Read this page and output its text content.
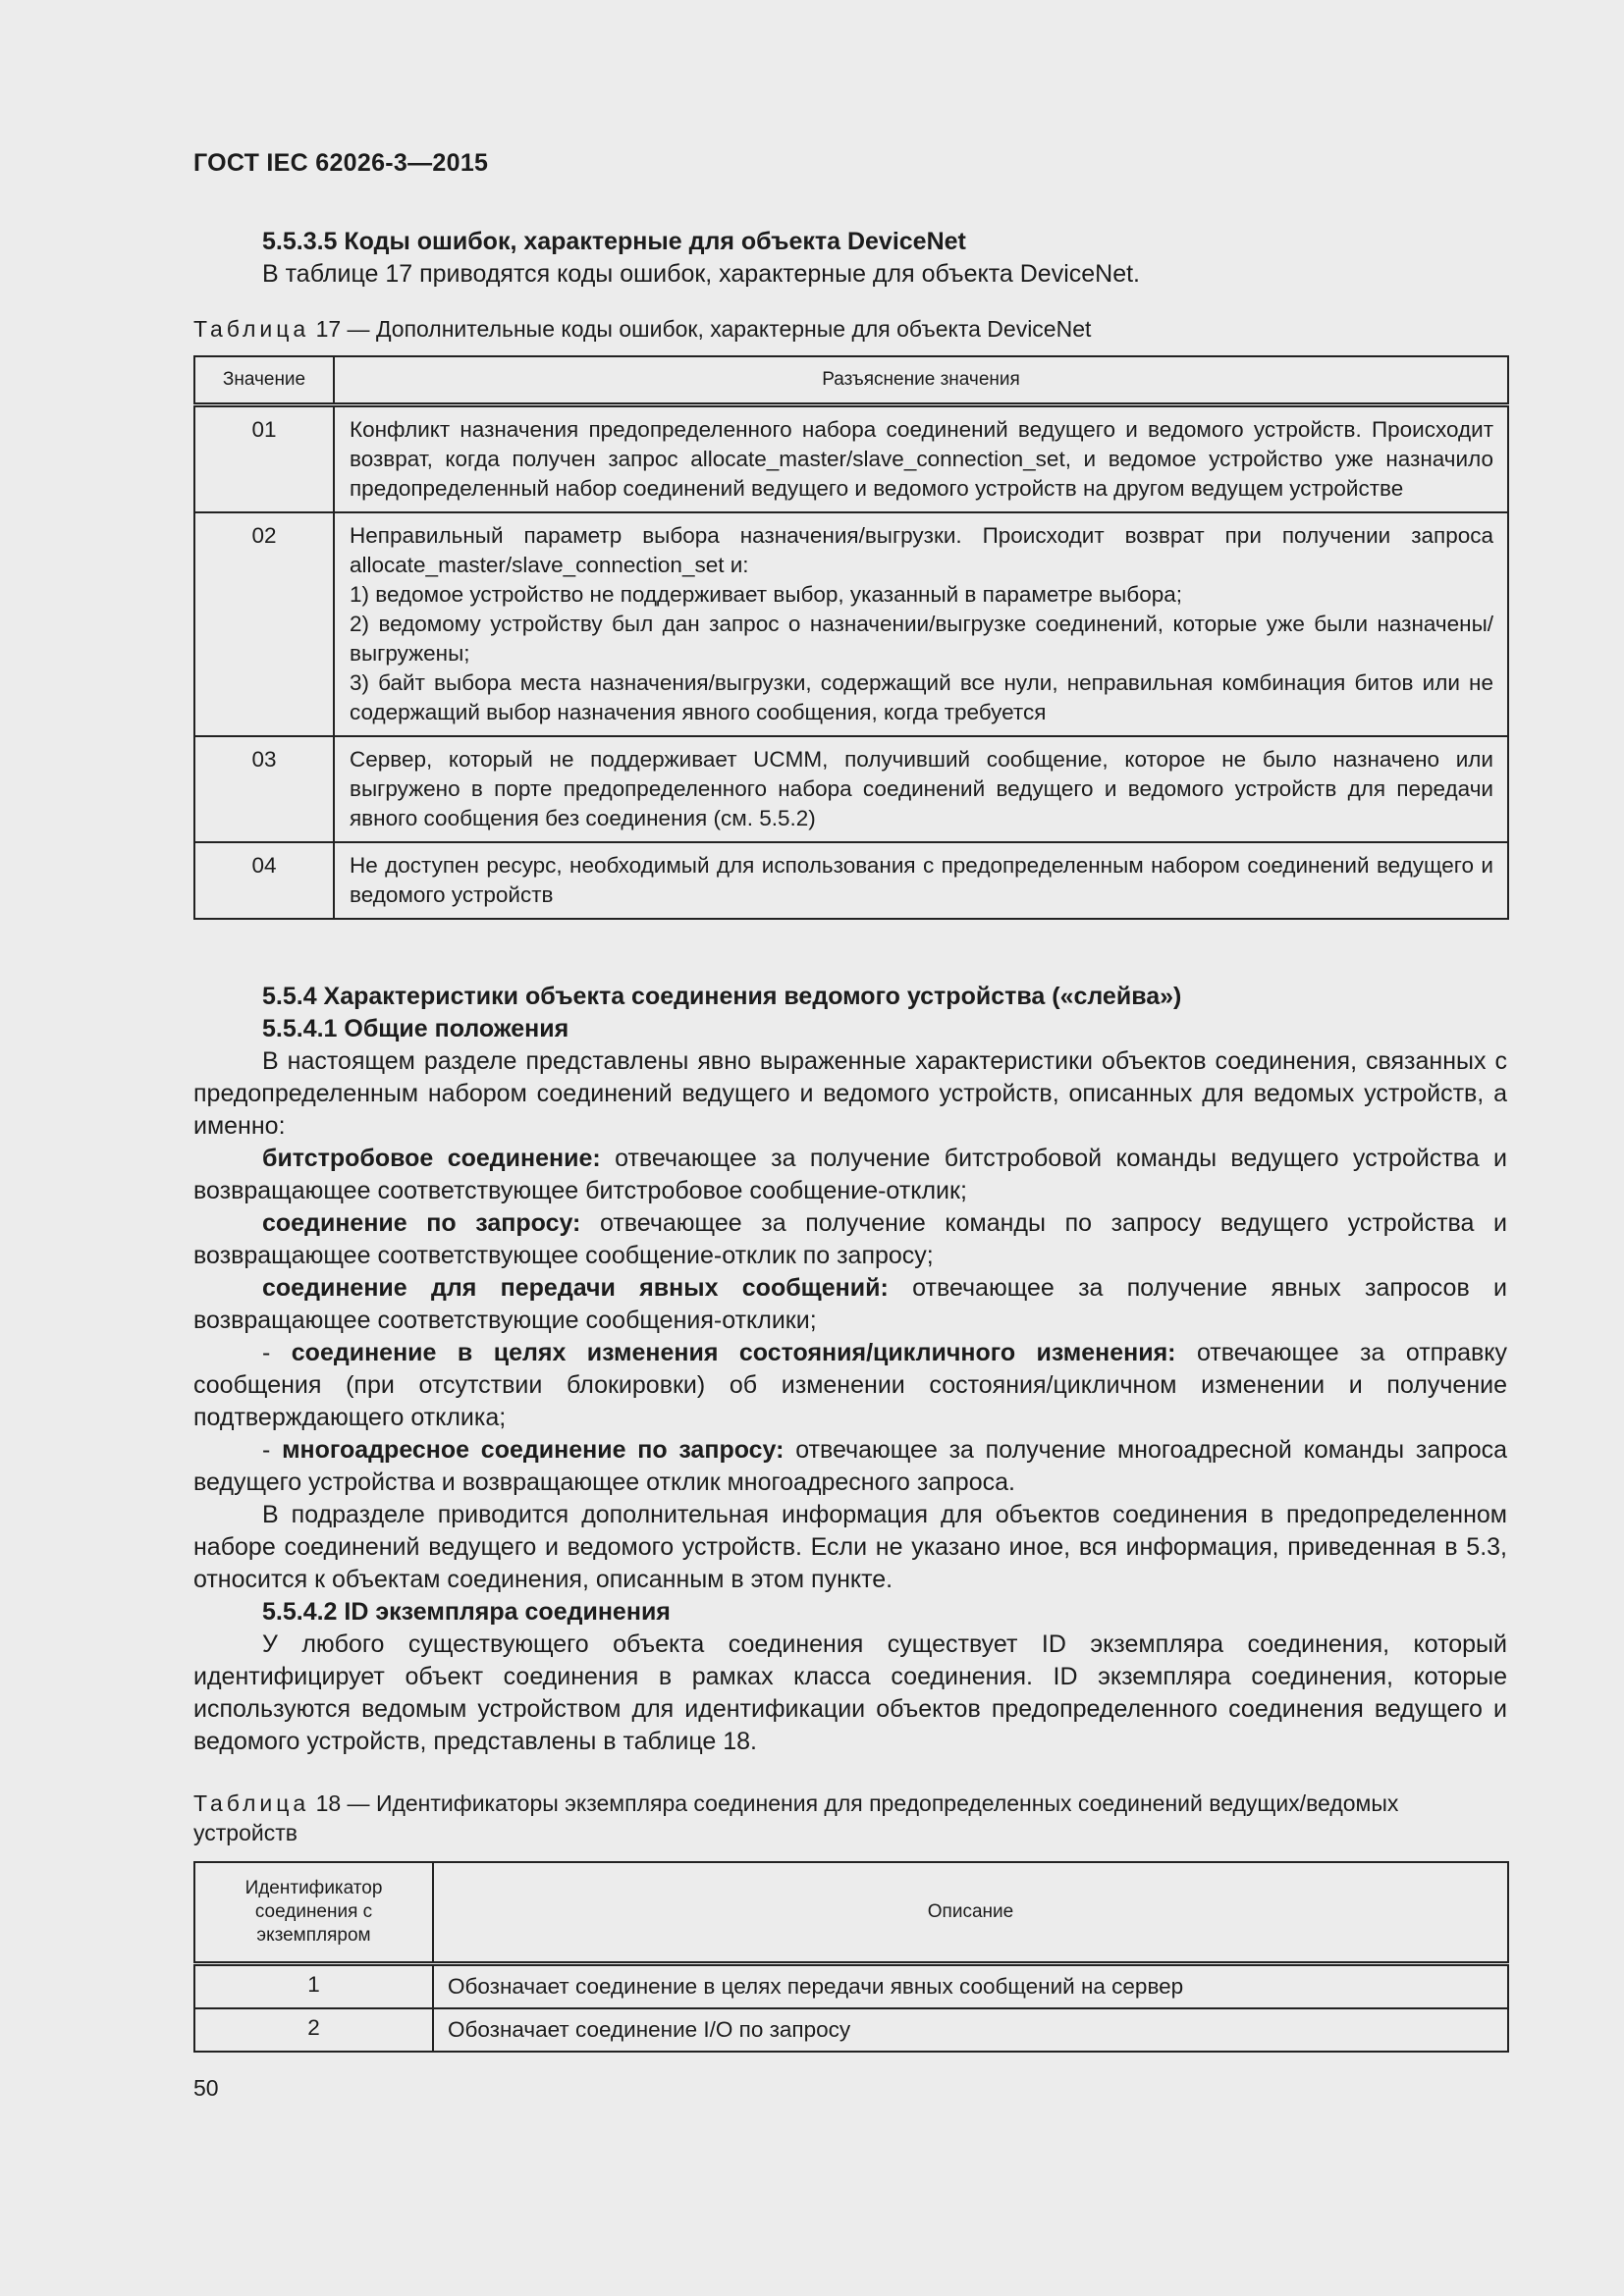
ГОСТ IEC 62026-3—2015

5.5.3.5 Коды ошибок, характерные для объекта DeviceNet

В таблице 17 приводятся коды ошибок, характерные для объекта DeviceNet.

Таблица 17 — Дополнительные коды ошибок, характерные для объекта DeviceNet
Значение	Разъяснение значения
01	Конфликт назначения предопределенного набора соединений ведущего и ведомого устройств. Происходит возврат, когда получен запрос allocate_master/slave_connection_set, и ведомое устройство уже назначило предопределенный набор соединений ведущего и ведомого устройств на другом ведущем устройстве

02	Неправильный параметр выбора назначения/выгрузки. Происходит возврат при получении запроса allocate_master/slave_connection_set и:
1) ведомое устройство не поддерживает выбор, указанный в параметре выбора;
2) ведомому устройству был дан запрос о назначении/выгрузке соединений, которые уже были назначены/выгружены;
3) байт выбора места назначения/выгрузки, содержащий все нули, неправильная комбинация битов или не содержащий выбор назначения явного сообщения, когда требуется

03	Сервер, который не поддерживает UCMM, получивший сообщение, которое не было назначено или выгружено в порте предопределенного набора соединений ведущего и ведомого устройств для передачи явного сообщения без соединения (см. 5.5.2)

04	Не доступен ресурс, необходимый для использования с предопределенным набором соединений ведущего и ведомого устройств

5.5.4 Характеристики объекта соединения ведомого устройства («слейва»)

5.5.4.1 Общие положения

В настоящем разделе представлены явно выраженные характеристики объектов соединения, связанных с предопределенным набором соединений ведущего и ведомого устройств, описанных для ведомых устройств, а именно:

битстробовое соединение: отвечающее за получение битстробовой команды ведущего устройства и возвращающее соответствующее битстробовое сообщение-отклик;

соединение по запросу: отвечающее за получение команды по запросу ведущего устройства и возвращающее соответствующее сообщение-отклик по запросу;

соединение для передачи явных сообщений: отвечающее за получение явных запросов и возвращающее соответствующие сообщения-отклики;

- соединение в целях изменения состояния/цикличного изменения: отвечающее за отправку сообщения (при отсутствии блокировки) об изменении состояния/цикличном изменении и получение подтверждающего отклика;

- многоадресное соединение по запросу: отвечающее за получение многоадресной команды запроса ведущего устройства и возвращающее отклик многоадресного запроса.

В подразделе приводится дополнительная информация для объектов соединения в предопределенном наборе соединений ведущего и ведомого устройств. Если не указано иное, вся информация, приведенная в 5.3, относится к объектам соединения, описанным в этом пункте.

5.5.4.2 ID экземпляра соединения

У любого существующего объекта соединения существует ID экземпляра соединения, который идентифицирует объект соединения в рамках класса соединения. ID экземпляра соединения, которые используются ведомым устройством для идентификации объектов предопределенного соединения ведущего и ведомого устройств, представлены в таблице 18.

Таблица 18 — Идентификаторы экземпляра соединения для предопределенных соединений ведущих/ведомых устройств
Идентификатор соединения с экземпляром	Описание
1	Обозначает соединение в целях передачи явных сообщений на сервер
2	Обозначает соединение I/O по запросу
50
